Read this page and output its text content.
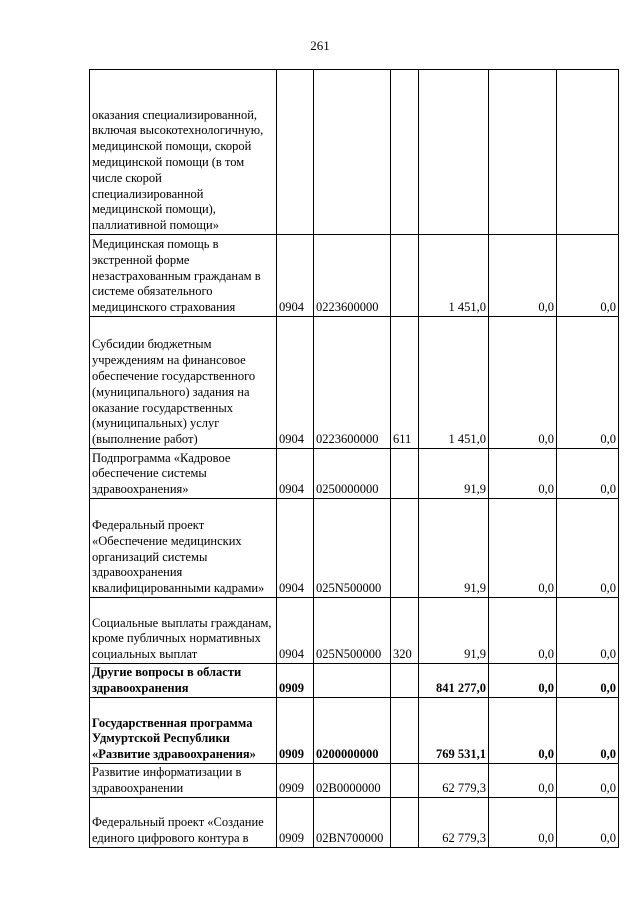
261
оказания специализированной, включая высокотехнологичную, медицинской помощи, скорой медицинской помощи (в том числе скорой специализированной медицинской помощи), паллиативной помощи»						
Медицинская помощь в экстренной форме незастрахованным гражданам в системе обязательного медицинского страхования	0904	0223600000		1 451,0	0,0	0,0
Субсидии бюджетным учреждениям на финансовое обеспечение государственного (муниципального) задания на оказание государственных (муниципальных) услуг (выполнение работ)	0904	0223600000	611	1 451,0	0,0	0,0
Подпрограмма «Кадровое обеспечение системы здравоохранения»	0904	0250000000		91,9	0,0	0,0
Федеральный проект «Обеспечение медицинских организаций системы здравоохранения квалифицированными кадрами»	0904	025N500000		91,9	0,0	0,0
Социальные выплаты гражданам, кроме публичных нормативных социальных выплат	0904	025N500000	320	91,9	0,0	0,0
Другие вопросы в области здравоохранения	0909			841 277,0	0,0	0,0
Государственная программа Удмуртской Республики «Развитие здравоохранения»	0909	0200000000		769 531,1	0,0	0,0
Развитие информатизации в здравоохранении	0909	02B0000000		62 779,3	0,0	0,0
Федеральный проект «Создание единого цифрового контура в	0909	02BN700000		62 779,3	0,0	0,0
